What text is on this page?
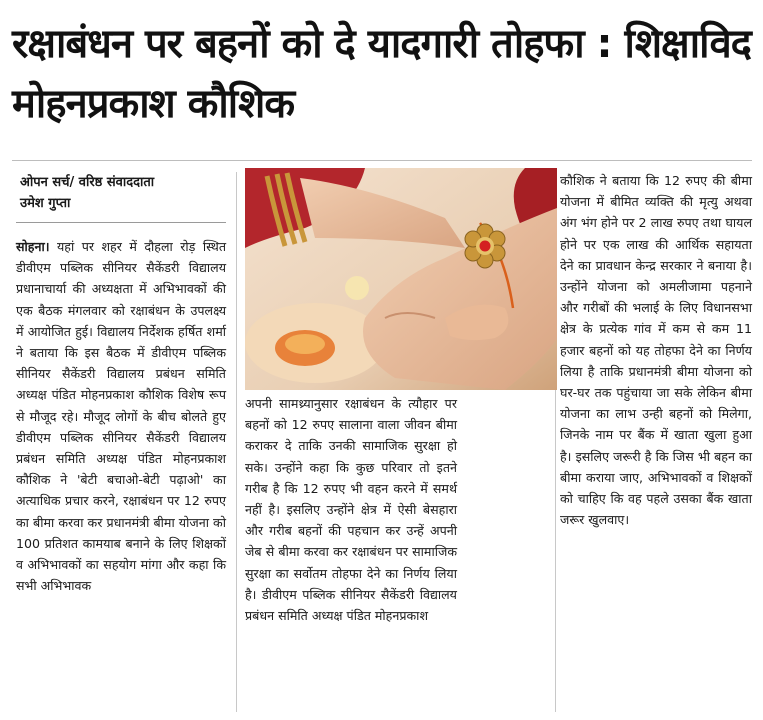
रक्षाबंधन पर बहनों को दे यादगारी तोहफा : शिक्षाविद मोहनप्रकाश कौशिक
ओपन सर्च/ वरिष्ठ संवाददाता
उमेश गुप्ता
सोहना। यहां पर शहर में दौहला रोड़ स्थित डीवीएम पब्लिक सीनियर सैकेंडरी विद्यालय प्रधानाचार्या की अध्यक्षता में अभिभावकों की एक बैठक मंगलवार को रक्षाबंधन के उपलक्ष्य में आयोजित हुई। विद्यालय निर्देशक हर्षित शर्मा ने बताया कि इस बैठक में डीवीएम पब्लिक सीनियर सैकेंडरी विद्यालय प्रबंधन समिति अध्यक्ष पंडित मोहनप्रकाश कौशिक विशेष रूप से मौजूद रहे। मौजूद लोगों के बीच बोलते हुए डीवीएम पब्लिक सीनियर सैकेंडरी विद्यालय प्रबंधन समिति अध्यक्ष पंडित मोहनप्रकाश कौशिक ने 'बेटी बचाओ-बेटी पढ़ाओ' का अत्याधिक प्रचार करने, रक्षाबंधन पर 12 रुपए का बीमा करवा कर प्रधानमंत्री बीमा योजना को 100 प्रतिशत कामयाब बनाने के लिए शिक्षकों व अभिभावकों का सहयोग मांगा और कहा कि सभी अभिभावक
अपनी सामथ्र्यानुसार रक्षाबंधन के त्यौहार पर बहनों को 12 रुपए सालाना वाला जीवन बीमा कराकर दे ताकि उनकी सामाजिक सुरक्षा हो सके। उन्होंने कहा कि कुछ परिवार तो इतने गरीब है कि 12 रुपए भी वहन करने में समर्थ नहीं है। इसलिए उन्होंने क्षेत्र में ऐसी बेसहारा और गरीब बहनों की पहचान कर उन्हें अपनी जेब से बीमा करवा कर रक्षाबंधन पर सामाजिक सुरक्षा का सर्वोतम तोहफा देने का निर्णय लिया है। डीवीएम पब्लिक सीनियर सैकेंडरी विद्यालय प्रबंधन समिति अध्यक्ष पंडित मोहनप्रकाश
कौशिक ने बताया कि 12 रुपए की बीमा योजना में बीमित व्यक्ति की मृत्यु अथवा अंग भंग होने पर 2 लाख रुपए तथा घायल होने पर एक लाख की आर्थिक सहायता देने का प्रावधान केन्द्र सरकार ने बनाया है। उन्होंने योजना को अमलीजामा पहनाने और गरीबों की भलाई के लिए विधानसभा क्षेत्र के प्रत्येक गांव में कम से कम 11 हजार बहनों को यह तोहफा देने का निर्णय लिया है ताकि प्रधानमंत्री बीमा योजना को घर-घर तक पहुंचाया जा सके लेकिन बीमा योजना का लाभ उन्ही बहनों को मिलेगा, जिनके नाम पर बैंक में खाता खुला हुआ है। इसलिए जरूरी है कि जिस भी बहन का बीमा कराया जाए, अभिभावकों व शिक्षकों को चाहिए कि वह पहले उसका बैंक खाता जरूर खुलवाए।
